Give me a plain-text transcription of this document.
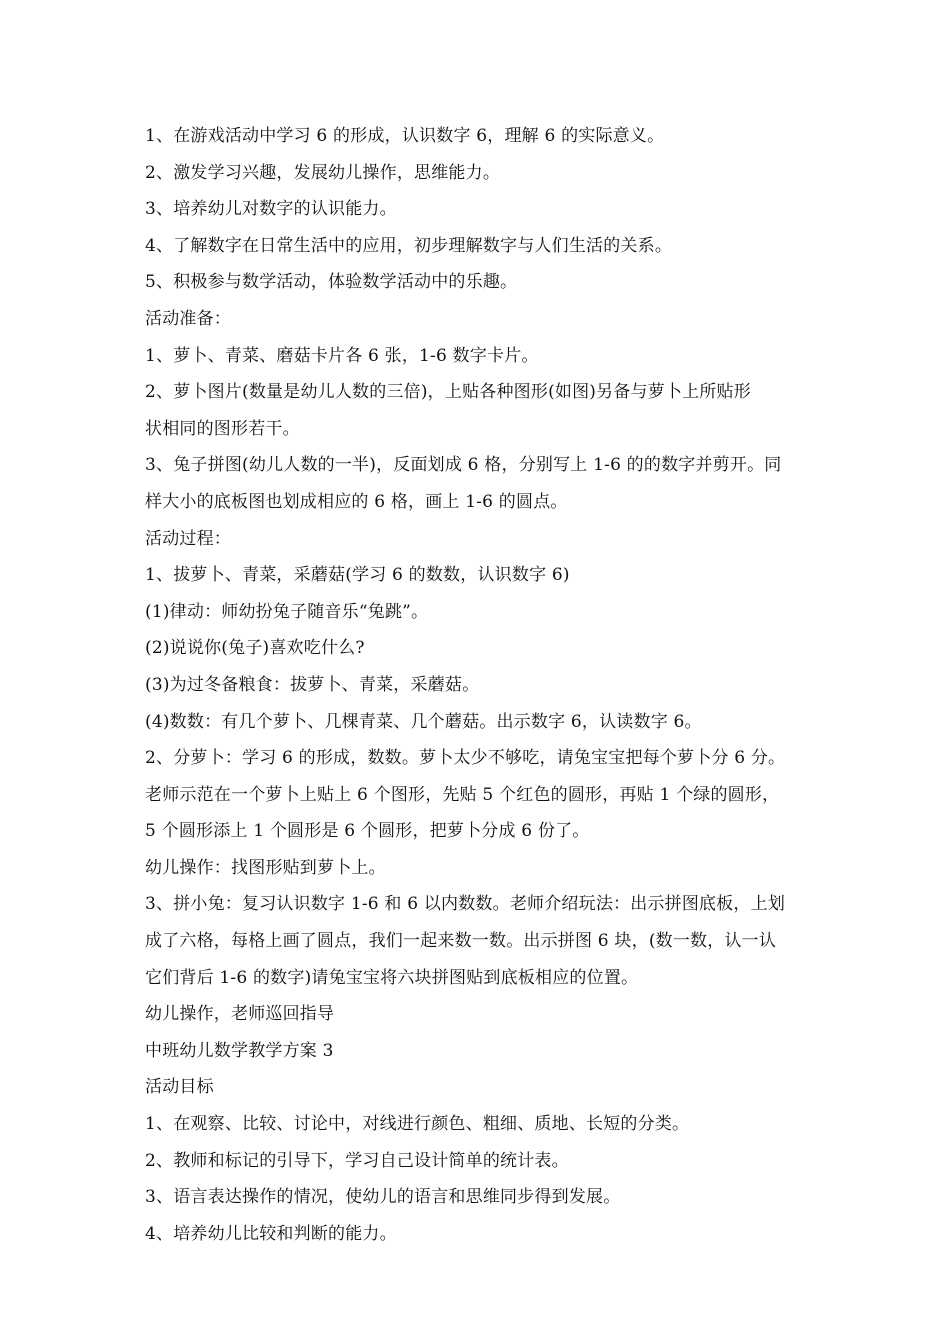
1、在游戏活动中学习 6 的形成，认识数字 6，理解 6 的实际意义。
2、激发学习兴趣，发展幼儿操作，思维能力。
3、培养幼儿对数字的认识能力。
4、了解数字在日常生活中的应用，初步理解数字与人们生活的关系。
5、积极参与数学活动，体验数学活动中的乐趣。
活动准备：
1、萝卜、青菜、磨菇卡片各 6 张，1-6 数字卡片。
2、萝卜图片(数量是幼儿人数的三倍)，上贴各种图形(如图)另备与萝卜上所贴形
状相同的图形若干。
3、兔子拼图(幼儿人数的一半)，反面划成 6 格，分别写上 1-6 的的数字并剪开。同
样大小的底板图也划成相应的 6 格，画上 1-6 的圆点。
活动过程：
1、拔萝卜、青菜，采蘑菇(学习 6 的数数，认识数字 6)
(1)律动：师幼扮兔子随音乐“兔跳”。
(2)说说你(兔子)喜欢吃什么?
(3)为过冬备粮食：拔萝卜、青菜，采蘑菇。
(4)数数：有几个萝卜、几棵青菜、几个蘑菇。出示数字 6，认读数字 6。
2、分萝卜：学习 6 的形成，数数。萝卜太少不够吃，请兔宝宝把每个萝卜分 6 分。
老师示范在一个萝卜上贴上 6 个图形，先贴 5 个红色的圆形，再贴 1 个绿的圆形，
5 个圆形添上 1 个圆形是 6 个圆形，把萝卜分成 6 份了。
幼儿操作：找图形贴到萝卜上。
3、拼小兔：复习认识数字 1-6 和 6 以内数数。老师介绍玩法：出示拼图底板，上划
成了六格，每格上画了圆点，我们一起来数一数。出示拼图 6 块，(数一数，认一认
它们背后 1-6 的数字)请兔宝宝将六块拼图贴到底板相应的位置。
幼儿操作，老师巡回指导
中班幼儿数学教学方案 3
活动目标
1、在观察、比较、讨论中，对线进行颜色、粗细、质地、长短的分类。
2、教师和标记的引导下，学习自己设计简单的统计表。
3、语言表达操作的情况，使幼儿的语言和思维同步得到发展。
4、培养幼儿比较和判断的能力。
